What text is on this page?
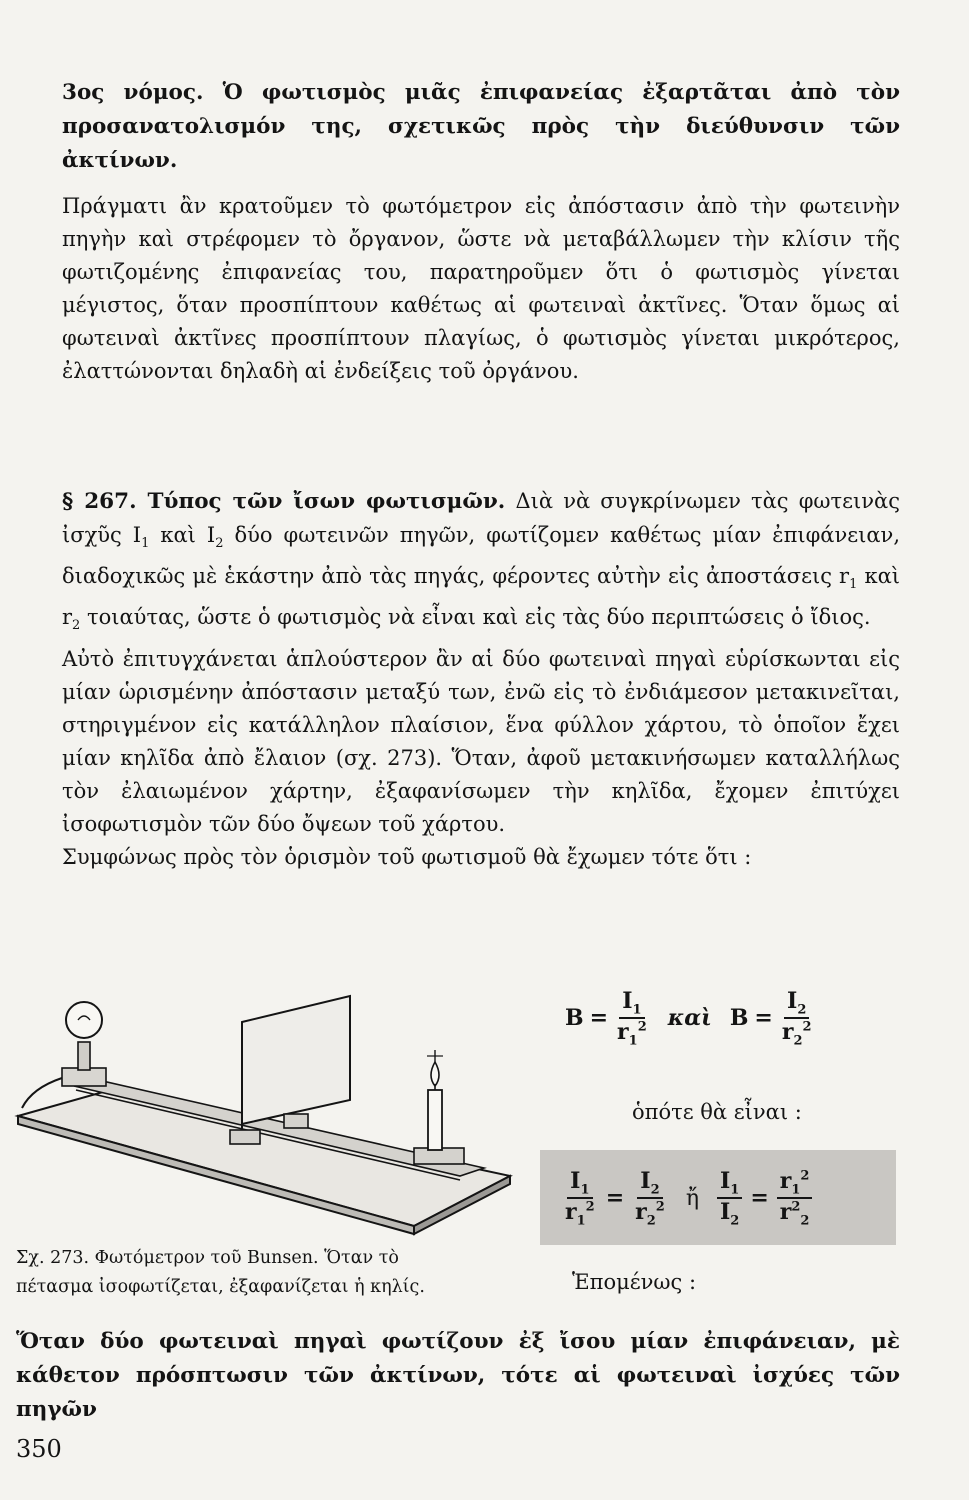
3ος νόμος. Ὁ φωτισμὸς μιᾶς ἐπιφανείας ἐξαρτᾶται ἀπὸ τὸν προσανατολισμόν της, σχετικῶς πρὸς τὴν διεύθυνσιν τῶν ἀκτίνων.

Πράγματι ἂν κρατοῦμεν τὸ φωτόμετρον εἰς ἀπόστασιν ἀπὸ τὴν φωτεινὴν πηγὴν καὶ στρέφομεν τὸ ὄργανον, ὥστε νὰ μεταβάλλωμεν τὴν κλίσιν τῆς φωτιζομένης ἐπιφανείας του, παρατηροῦμεν ὅτι ὁ φωτισμὸς γίνεται μέγιστος, ὅταν προσπίπτουν καθέτως αἱ φωτειναὶ ἀκτῖνες. Ὅταν ὅμως αἱ φωτειναὶ ἀκτῖνες προσπίπτουν πλαγίως, ὁ φωτισμὸς γίνεται μικρότερος, ἐλαττώνονται δηλαδὴ αἱ ἐνδείξεις τοῦ ὀργάνου.

§ 267. Τύπος τῶν ἴσων φωτισμῶν. Διὰ νὰ συγκρίνωμεν τὰς φωτεινὰς ἰσχῦς $I_1$ καὶ $I_2$ δύο φωτεινῶν πηγῶν, φωτίζομεν καθέτως μίαν ἐπιφάνειαν, διαδοχικῶς μὲ ἑκάστην ἀπὸ τὰς πηγάς, φέροντες αὐτὴν εἰς ἀποστάσεις $r_1$ καὶ $r_2$ τοιαύτας, ὥστε ὁ φωτισμὸς νὰ εἶναι καὶ εἰς τὰς δύο περιπτώσεις ὁ ἴδιος.

Αὐτὸ ἐπιτυγχάνεται ἁπλούστερον ἂν αἱ δύο φωτειναὶ πηγαὶ εὑρίσκωνται εἰς μίαν ὡρισμένην ἀπόστασιν μεταξύ των, ἐνῶ εἰς τὸ ἐνδιάμεσον μετακινεῖται, στηριγμένον εἰς κατάλληλον πλαίσιον, ἕνα φύλλον χάρτου, τὸ ὁποῖον ἔχει μίαν κηλῖδα ἀπὸ ἔλαιον (σχ. 273). Ὅταν, ἀφοῦ μετακινήσωμεν καταλλήλως τὸν ἐλαιωμένον χάρτην, ἐξαφανίσωμεν τὴν κηλῖδα, ἔχομεν ἐπιτύχει ἰσοφωτισμὸν τῶν δύο ὄψεων τοῦ χάρτου.

Συμφώνως πρὸς τὸν ὁρισμὸν τοῦ φωτισμοῦ θὰ ἔχωμεν τότε ὅτι :

Σχ. 273. Φωτόμετρον τοῦ Bunsen. Ὅταν τὸ
πέτασμα ἰσοφωτίζεται, ἐξαφανίζεται ἡ κηλίς.

$B = \frac{I_1}{r_1^2}$ καὶ $B = \frac{I_2}{r_2^2}$
ὁπότε θὰ εἶναι :
$\frac{I_1}{r_1^2} = \frac{I_2}{r_2^2}$ ἤ $\frac{I_1}{I_2} = \frac{r_1^2}{r^2_2}$
Ἑπομένως :

Ὅταν δύο φωτειναὶ πηγαὶ φωτίζουν ἐξ ἴσου μίαν ἐπιφάνειαν, μὲ κάθετον πρόσπτωσιν τῶν ἀκτίνων, τότε αἱ φωτειναὶ ἰσχύες τῶν πηγῶν

350
